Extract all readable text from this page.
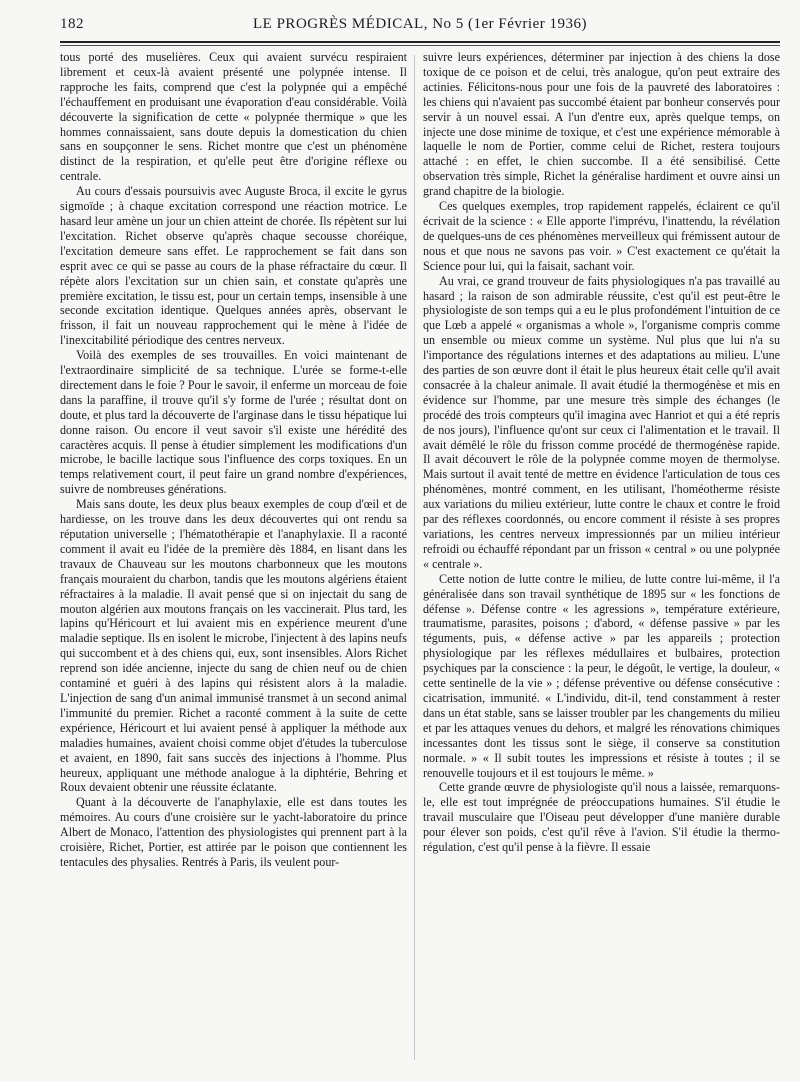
182	LE PROGRÈS MÉDICAL, No 5 (1er Février 1936)

tous porté des muselières. Ceux qui avaient survécu respiraient librement et ceux-là avaient présenté une polypnée intense. Il rapproche les faits, comprend que c'est la polypnée qui a empêché l'échauffement en produisant une évaporation d'eau considérable. Voilà découverte la signification de cette « polypnée thermique » que les hommes connaissaient, sans doute depuis la domestication du chien sans en soupçonner le sens. Richet montre que c'est un phénomène distinct de la respiration, et qu'elle peut être d'origine réflexe ou centrale.

Au cours d'essais poursuivis avec Auguste Broca, il excite le gyrus sigmoïde ; à chaque excitation correspond une réaction motrice. Le hasard leur amène un jour un chien atteint de chorée. Ils répètent sur lui l'excitation. Richet observe qu'après chaque secousse choréique, l'excitation demeure sans effet. Le rapprochement se fait dans son esprit avec ce qui se passe au cours de la phase réfractaire du cœur. Il répète alors l'excitation sur un chien sain, et constate qu'après une première excitation, le tissu est, pour un certain temps, insensible à une seconde excitation identique. Quelques années après, observant le frisson, il fait un nouveau rapprochement qui le mène à l'idée de l'inexcitabilité périodique des centres nerveux.

Voilà des exemples de ses trouvailles. En voici maintenant de l'extraordinaire simplicité de sa technique. L'urée se forme-t-elle directement dans le foie ? Pour le savoir, il enferme un morceau de foie dans la paraffine, il trouve qu'il s'y forme de l'urée ; résultat dont on doute, et plus tard la découverte de l'arginase dans le tissu hépatique lui donne raison. Ou encore il veut savoir s'il existe une hérédité des caractères acquis. Il pense à étudier simplement les modifications d'un microbe, le bacille lactique sous l'influence des corps toxiques. En un temps relativement court, il peut faire un grand nombre d'expériences, suivre de nombreuses générations.

Mais sans doute, les deux plus beaux exemples de coup d'œil et de hardiesse, on les trouve dans les deux découvertes qui ont rendu sa réputation universelle ; l'hématothérapie et l'anaphylaxie. Il a raconté comment il avait eu l'idée de la première dès 1884, en lisant dans les travaux de Chauveau sur les moutons charbonneux que les moutons français mouraient du charbon, tandis que les moutons algériens étaient réfractaires à la maladie. Il avait pensé que si on injectait du sang de mouton algérien aux moutons français on les vaccinerait. Plus tard, les lapins qu'Héricourt et lui avaient mis en expérience meurent d'une maladie septique. Ils en isolent le microbe, l'injectent à des lapins neufs qui succombent et à des chiens qui, eux, sont insensibles. Alors Richet reprend son idée ancienne, injecte du sang de chien neuf ou de chien contaminé et guéri à des lapins qui résistent alors à la maladie. L'injection de sang d'un animal immunisé transmet à un second animal l'immunité du premier. Richet a raconté comment à la suite de cette expérience, Héricourt et lui avaient pensé à appliquer la méthode aux maladies humaines, avaient choisi comme objet d'études la tuberculose et avaient, en 1890, fait sans succès des injections à l'homme. Plus heureux, appliquant une méthode analogue à la diphtérie, Behring et Roux devaient obtenir une réussite éclatante.

Quant à la découverte de l'anaphylaxie, elle est dans toutes les mémoires. Au cours d'une croisière sur le yacht-laboratoire du prince Albert de Monaco, l'attention des physiologistes qui prennent part à la croisière, Richet, Portier, est attirée par le poison que contiennent les tentacules des physalies. Rentrés à Paris, ils veulent pour-

suivre leurs expériences, déterminer par injection à des chiens la dose toxique de ce poison et de celui, très analogue, qu'on peut extraire des actinies. Félicitons-nous pour une fois de la pauvreté des laboratoires : les chiens qui n'avaient pas succombé étaient par bonheur conservés pour servir à un nouvel essai. A l'un d'entre eux, après quelque temps, on injecte une dose minime de toxique, et c'est une expérience mémorable à laquelle le nom de Portier, comme celui de Richet, restera toujours attaché : en effet, le chien succombe. Il a été sensibilisé. Cette observation très simple, Richet la généralise hardiment et ouvre ainsi un grand chapitre de la biologie.

Ces quelques exemples, trop rapidement rappelés, éclairent ce qu'il écrivait de la science : « Elle apporte l'imprévu, l'inattendu, la révélation de quelques-uns de ces phénomènes merveilleux qui frémissent autour de nous et que nous ne savons pas voir. » C'est exactement ce qu'était la Science pour lui, qui la faisait, sachant voir.

Au vrai, ce grand trouveur de faits physiologiques n'a pas travaillé au hasard ; la raison de son admirable réussite, c'est qu'il est peut-être le physiologiste de son temps qui a eu le plus profondément l'intuition de ce que Lœb a appelé « organismas a whole », l'organisme compris comme un ensemble ou mieux comme un système. Nul plus que lui n'a su l'importance des régulations internes et des adaptations au milieu. L'une des parties de son œuvre dont il était le plus heureux était celle qu'il avait consacrée à la chaleur animale. Il avait étudié la thermogénèse et mis en évidence sur l'homme, par une mesure très simple des échanges (le procédé des trois compteurs qu'il imagina avec Hanriot et qui a été repris de nos jours), l'influence qu'ont sur ceux ci l'alimentation et le travail. Il avait démêlé le rôle du frisson comme procédé de thermogénèse rapide. Il avait découvert le rôle de la polypnée comme moyen de thermolyse. Mais surtout il avait tenté de mettre en évidence l'articulation de tous ces phénomènes, montré comment, en les utilisant, l'homéotherme résiste aux variations du milieu extérieur, lutte contre le chaux et contre le froid par des réflexes coordonnés, ou encore comment il résiste à ses propres variations, les centres nerveux impressionnés par un milieu intérieur refroidi ou échauffé répondant par un frisson « central » ou une polypnée « centrale ».

Cette notion de lutte contre le milieu, de lutte contre lui-même, il l'a généralisée dans son travail synthétique de 1895 sur « les fonctions de défense ». Défense contre « les agressions », température extérieure, traumatisme, parasites, poisons ; d'abord, « défense passive » par les téguments, puis, « défense active » par les appareils ; protection physiologique par les réflexes médullaires et bulbaires, protection psychiques par la conscience : la peur, le dégoût, le vertige, la douleur, « cette sentinelle de la vie » ; défense préventive ou défense consécutive : cicatrisation, immunité. « L'individu, dit-il, tend constamment à rester dans un état stable, sans se laisser troubler par les changements du milieu et par les attaques venues du dehors, et malgré les rénovations chimiques incessantes dont les tissus sont le siège, il conserve sa constitution normale. » « Il subit toutes les impressions et résiste à toutes ; il se renouvelle toujours et il est toujours le même. »

Cette grande œuvre de physiologiste qu'il nous a laissée, remarquons-le, elle est tout imprégnée de préoccupations humaines. S'il étudie le travail musculaire que l'Oiseau peut développer d'une manière durable pour élever son poids, c'est qu'il rêve à l'avion. S'il étudie la thermo-régulation, c'est qu'il pense à la fièvre. Il essaie
